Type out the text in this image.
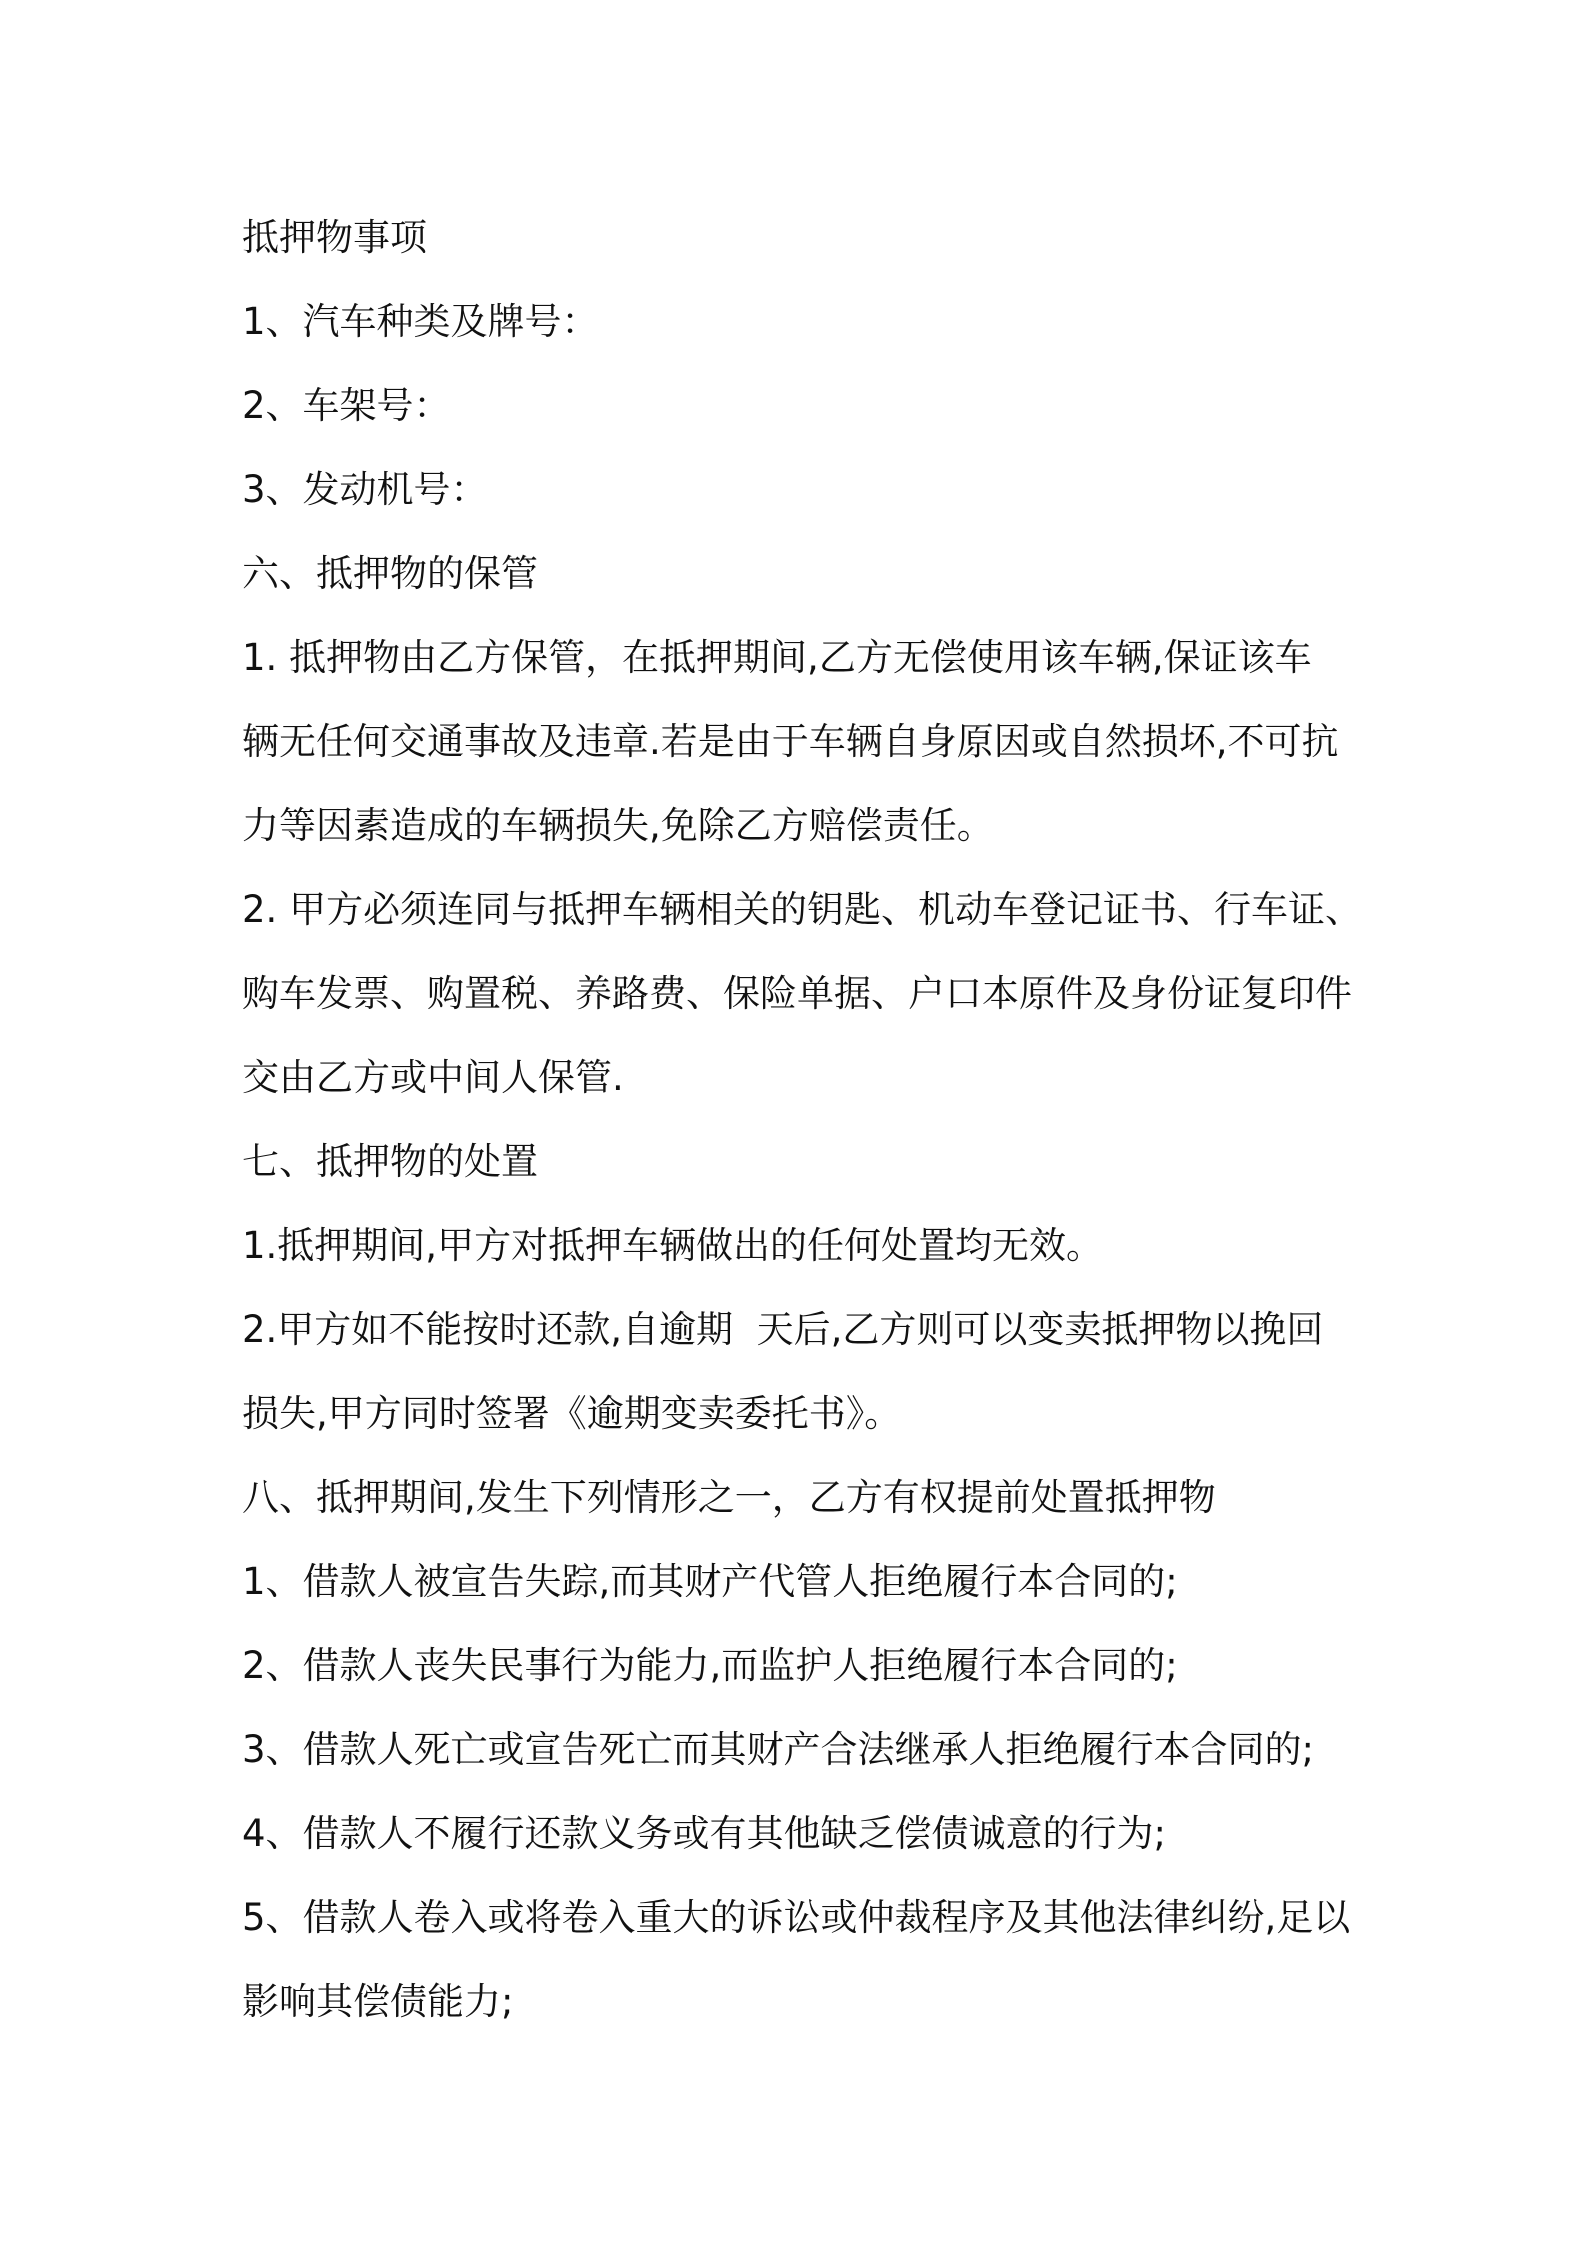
抵押物事项
1、汽车种类及牌号：
2、车架号：
3、发动机号：
六、抵押物的保管
1. 抵押物由乙方保管，在抵押期间,乙方无偿使用该车辆,保证该车
辆无任何交通事故及违章.若是由于车辆自身原因或自然损坏,不可抗
力等因素造成的车辆损失,免除乙方赔偿责任。
2. 甲方必须连同与抵押车辆相关的钥匙、机动车登记证书、行车证、
购车发票、购置税、养路费、保险单据、户口本原件及身份证复印件
交由乙方或中间人保管.
七、抵押物的处置
1.抵押期间,甲方对抵押车辆做出的任何处置均无效。
2.甲方如不能按时还款,自逾期  天后,乙方则可以变卖抵押物以挽回
损失,甲方同时签署《逾期变卖委托书》。
八、抵押期间,发生下列情形之一，乙方有权提前处置抵押物
1、借款人被宣告失踪,而其财产代管人拒绝履行本合同的;
2、借款人丧失民事行为能力,而监护人拒绝履行本合同的;
3、借款人死亡或宣告死亡而其财产合法继承人拒绝履行本合同的;
4、借款人不履行还款义务或有其他缺乏偿债诚意的行为;
5、借款人卷入或将卷入重大的诉讼或仲裁程序及其他法律纠纷,足以
影响其偿债能力;
